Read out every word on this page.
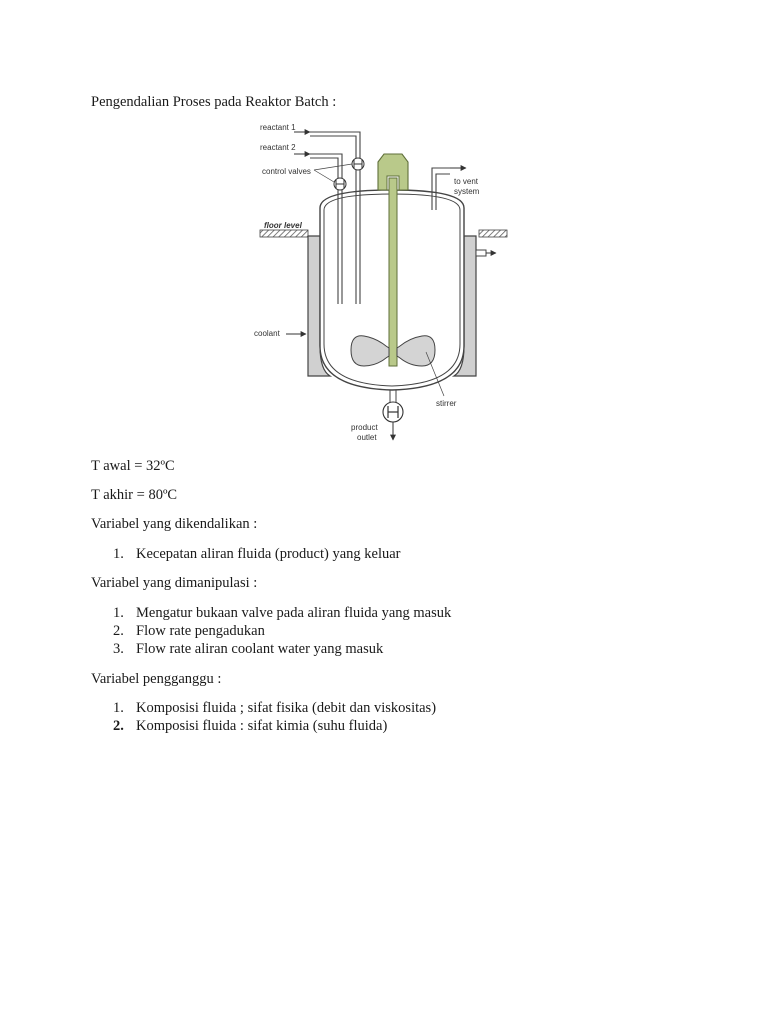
Pengendalian Proses pada Reaktor Batch :
reactant 1
reactant 2
control valves
to vent
system
floor level
coolant
stirrer
product
outlet
T awal = 32ºC
T akhir = 80ºC
Variabel yang dikendalikan :
1. Kecepatan aliran fluida (product) yang keluar
Variabel yang dimanipulasi :
1. Mengatur bukaan valve pada aliran fluida yang masuk
2. Flow rate pengadukan
3. Flow rate aliran coolant water yang masuk
Variabel pengganggu :
1. Komposisi fluida ; sifat fisika (debit dan viskositas)
2. Komposisi fluida : sifat kimia (suhu fluida)
